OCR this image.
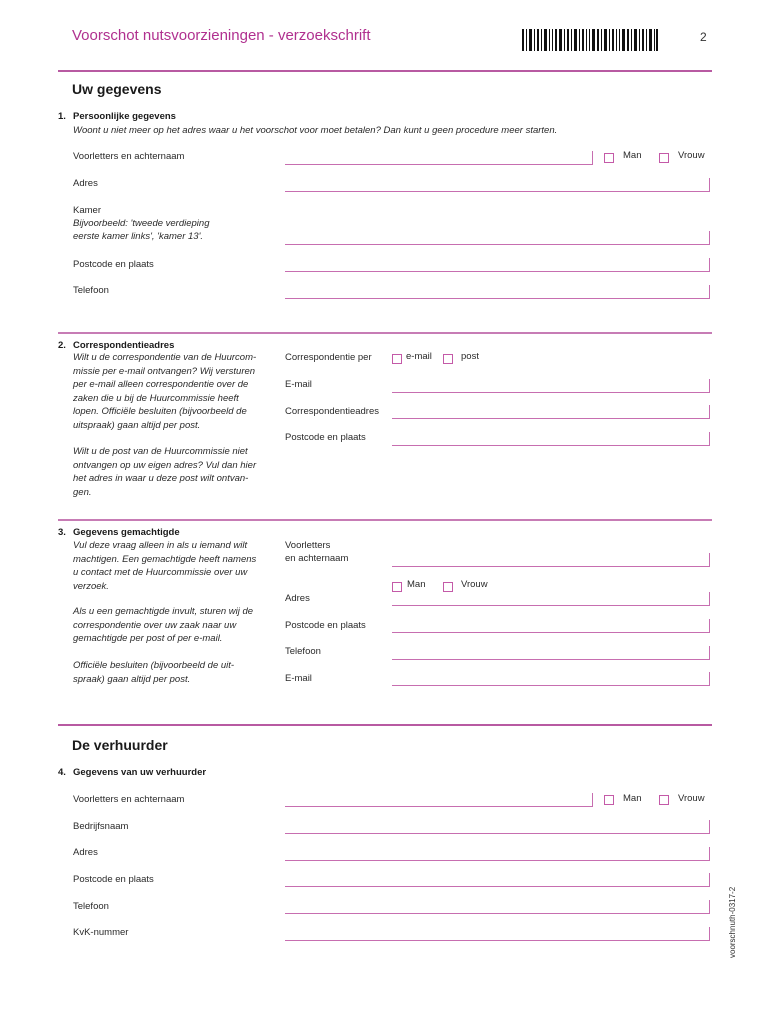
Voorschot nutsvoorzieningen - verzoekschrift	2
Uw gegevens
1. Persoonlijke gegevens
Woont u niet meer op het adres waar u het voorschot voor moet betalen? Dan kunt u geen procedure meer starten.
Voorletters en achternaam	Man	Vrouw
Adres
Kamer
Bijvoorbeeld: 'tweede verdieping
eerste kamer links', 'kamer 13'.
Postcode en plaats
Telefoon
2. Correspondentieadres
Wilt u de correspondentie van de Huurcom-
missie per e-mail ontvangen? Wij versturen
per e-mail alleen correspondentie over de
zaken die u bij de Huurcommissie heeft
lopen. Officiële besluiten (bijvoorbeeld de
uitspraak) gaan altijd per post.
Wilt u de post van de Huurcommissie niet
ontvangen op uw eigen adres? Vul dan hier
het adres in waar u deze post wilt ontvan-
gen.
Correspondentie per	e-mail	post
E-mail
Correspondentieadres
Postcode en plaats
3. Gegevens gemachtigde
Vul deze vraag alleen in als u iemand wilt
machtigen. Een gemachtigde heeft namens
u contact met de Huurcommissie over uw
verzoek.
Als u een gemachtigde invult, sturen wij de
correspondentie over uw zaak naar uw
gemachtigde per post of per e-mail.
Officiële besluiten (bijvoorbeeld de uit-
spraak) gaan altijd per post.
Voorletters
en achternaam
Man	Vrouw
Adres
Postcode en plaats
Telefoon
E-mail
De verhuurder
4. Gegevens van uw verhuurder
Voorletters en achternaam	Man	Vrouw
Bedrijfsnaam
Adres
Postcode en plaats
Telefoon
KvK-nummer	voorschnuth-0317-2
